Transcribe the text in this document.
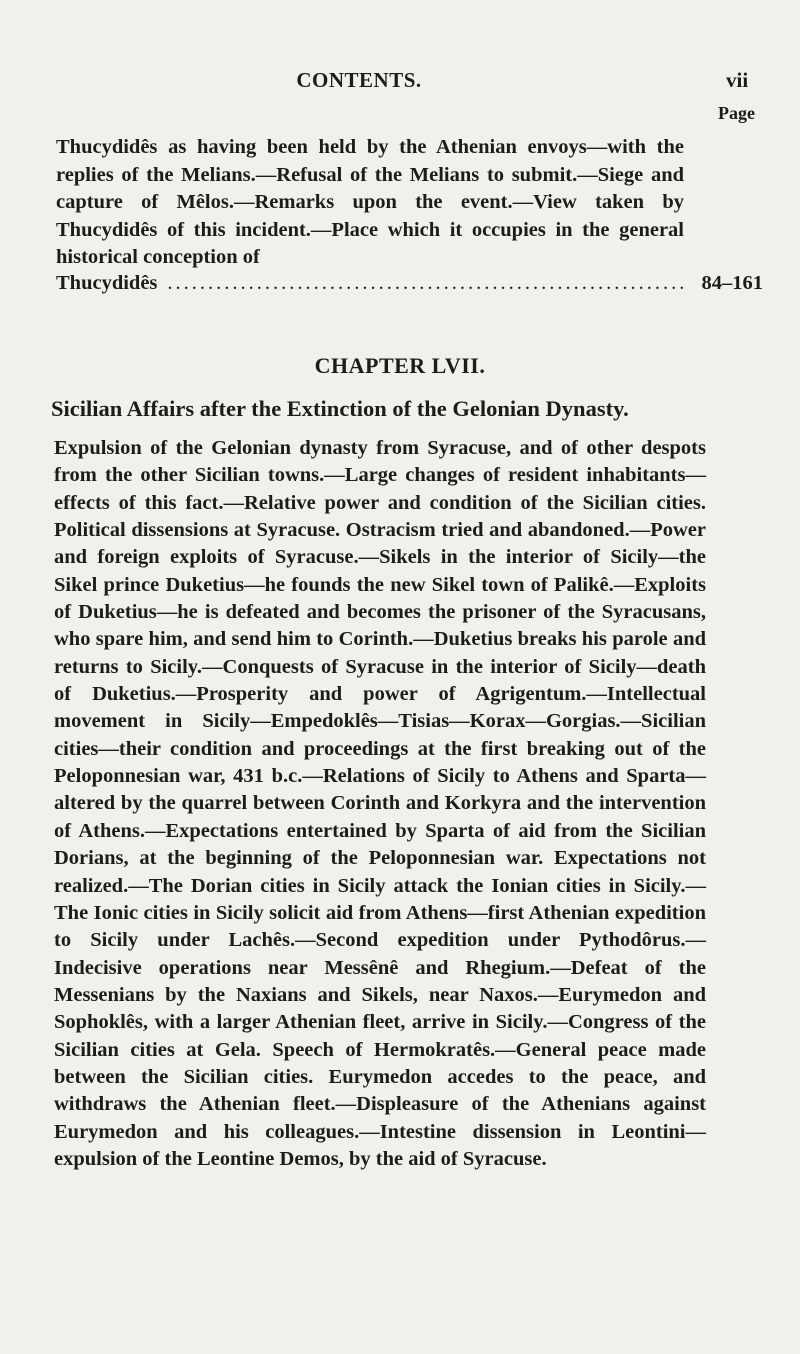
CONTENTS.	vii
Page
Thucydidês as having been held by the Athenian envoys—with the replies of the Melians.—Refusal of the Melians to submit.—Siege and capture of Mêlos.—Remarks upon the event.—View taken by Thucydidês of this incident.—Place which it occupies in the general historical conception of
Thucydidês ................................................................ 84–161
CHAPTER LVII.
Sicilian Affairs after the Extinction of the Gelonian Dynasty.
Expulsion of the Gelonian dynasty from Syracuse, and of other despots from the other Sicilian towns.—Large changes of resident inhabitants—effects of this fact.—Relative power and condition of the Sicilian cities. Political dissensions at Syracuse. Ostracism tried and abandoned.—Power and foreign exploits of Syracuse.—Sikels in the interior of Sicily—the Sikel prince Duketius—he founds the new Sikel town of Palikê.—Exploits of Duketius—he is defeated and becomes the prisoner of the Syracusans, who spare him, and send him to Corinth.—Duketius breaks his parole and returns to Sicily.—Conquests of Syracuse in the interior of Sicily—death of Duketius.—Prosperity and power of Agrigentum.—Intellectual movement in Sicily—Empedoklês—Tisias—Korax—Gorgias.—Sicilian cities—their condition and proceedings at the first breaking out of the Peloponnesian war, 431 b.c.—Relations of Sicily to Athens and Sparta—altered by the quarrel between Corinth and Korkyra and the intervention of Athens.—Expectations entertained by Sparta of aid from the Sicilian Dorians, at the beginning of the Peloponnesian war. Expectations not realized.—The Dorian cities in Sicily attack the Ionian cities in Sicily.—The Ionic cities in Sicily solicit aid from Athens—first Athenian expedition to Sicily under Lachês.—Second expedition under Pythodôrus.—Indecisive operations near Messênê and Rhegium.—Defeat of the Messenians by the Naxians and Sikels, near Naxos.—Eurymedon and Sophoklês, with a larger Athenian fleet, arrive in Sicily.—Congress of the Sicilian cities at Gela. Speech of Hermokratês.—General peace made between the Sicilian cities. Eurymedon accedes to the peace, and withdraws the Athenian fleet.—Displeasure of the Athenians against Eurymedon and his colleagues.—Intestine dissension in Leontini—expulsion of the Leontine Demos, by the aid of Syracuse.
